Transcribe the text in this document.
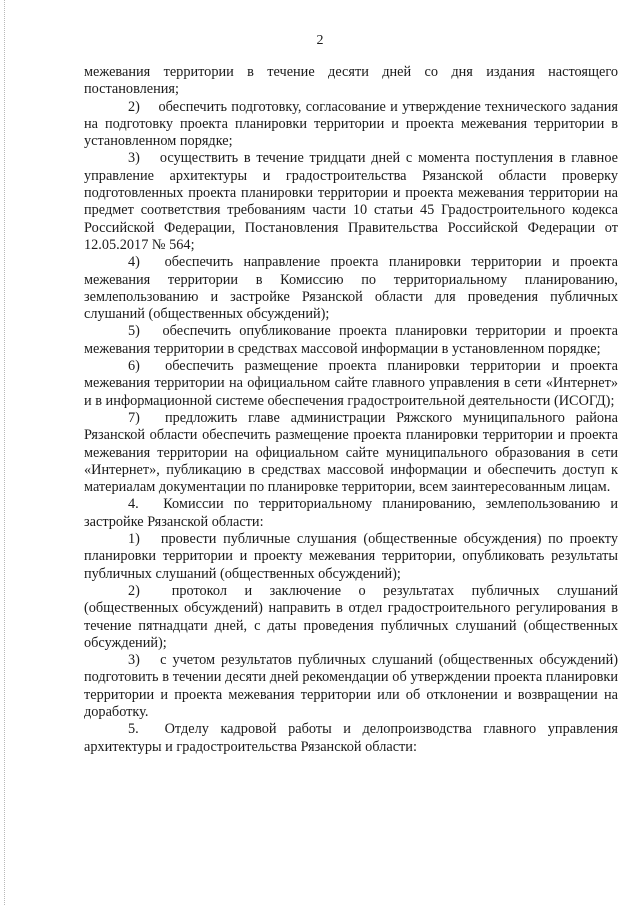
2

межевания территории в течение десяти дней со дня издания настоящего постановления;

2)  обеспечить подготовку, согласование и утверждение технического задания на подготовку проекта планировки территории и проекта межевания территории в установленном порядке;

3)  осуществить в течение тридцати дней с момента поступления в главное управление архитектуры и градостроительства Рязанской области проверку подготовленных проекта планировки территории и проекта межевания территории на предмет соответствия требованиям части 10 статьи 45 Градостроительного кодекса Российской Федерации, Постановления Правительства Российской Федерации от 12.05.2017 № 564;

4)  обеспечить направление проекта планировки территории и проекта межевания территории в Комиссию по территориальному планированию, землепользованию и застройке Рязанской области для проведения публичных слушаний (общественных обсуждений);

5)  обеспечить опубликование проекта планировки территории и проекта межевания территории в средствах массовой информации в установленном порядке;

6)  обеспечить размещение проекта планировки территории и проекта межевания территории на официальном сайте главного управления в сети «Интернет» и в информационной системе обеспечения градостроительной деятельности (ИСОГД);

7)  предложить главе администрации Ряжского муниципального района Рязанской области обеспечить размещение проекта планировки территории и проекта межевания территории на официальном сайте муниципального образования в сети «Интернет», публикацию в средствах массовой информации и обеспечить доступ к материалам документации по планировке территории, всем заинтересованным лицам.

4.  Комиссии по территориальному планированию, землепользованию и застройке Рязанской области:

1)  провести публичные слушания (общественные обсуждения) по проекту планировки территории и проекту межевания территории, опубликовать результаты публичных слушаний (общественных обсуждений);

2)  протокол и заключение о результатах публичных слушаний (общественных обсуждений) направить в отдел градостроительного регулирования в течение пятнадцати дней, с даты проведения публичных слушаний (общественных обсуждений);

3)  с учетом результатов публичных слушаний (общественных обсуждений) подготовить в течении десяти дней рекомендации об утверждении проекта планировки территории и проекта межевания территории или об отклонении и возвращении на доработку.

5.  Отделу кадровой работы и делопроизводства главного управления архитектуры и градостроительства Рязанской области:
